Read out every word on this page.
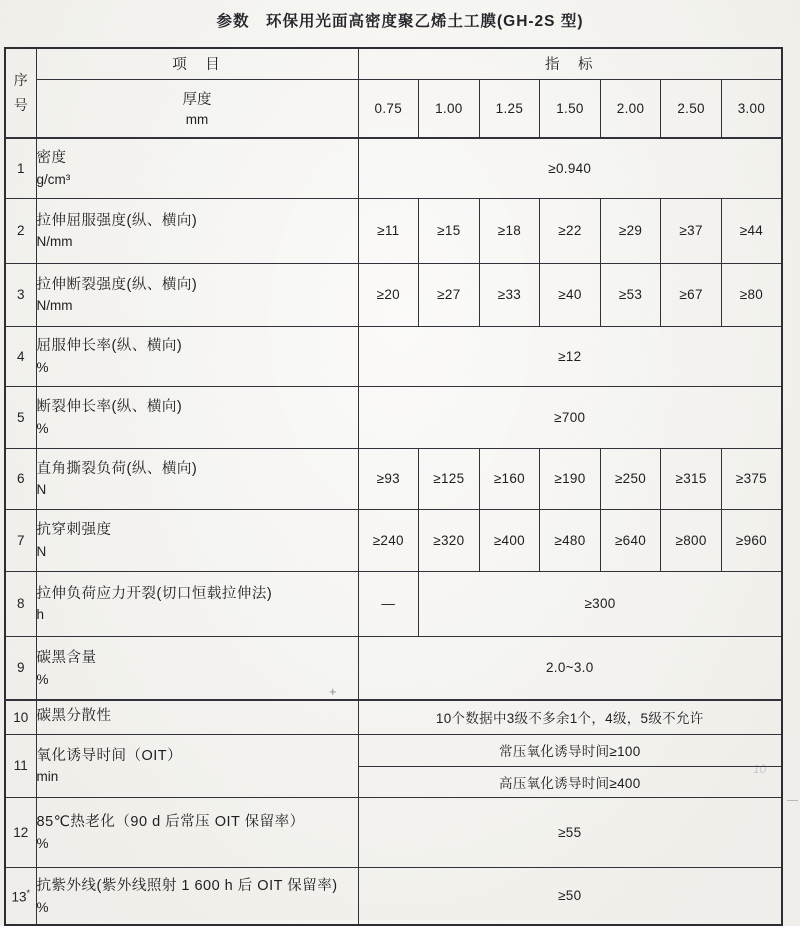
参数　环保用光面高密度聚乙烯土工膜(GH-2S 型)
序号	项　目	指　标						

	厚度
mm	0.75	1.00	1.25	1.50	2.00	2.50	3.00
1	密度
g/cm³	≥0.940						
2	拉伸屈服强度(纵、横向)
N/mm	≥11	≥15	≥18	≥22	≥29	≥37	≥44
3	拉伸断裂强度(纵、横向)
N/mm	≥20	≥27	≥33	≥40	≥53	≥67	≥80
4	屈服伸长率(纵、横向)
%	≥12						
5	断裂伸长率(纵、横向)
%	≥700						
6	直角撕裂负荷(纵、横向)
N	≥93	≥125	≥160	≥190	≥250	≥315	≥375
7	抗穿刺强度
N	≥240	≥320	≥400	≥480	≥640	≥800	≥960
8	拉伸负荷应力开裂(切口恒载拉伸法)
h	—	≥300					
9	碳黑含量
%	2.0~3.0						
10	碳黑分散性	10个数据中3级不多余1个，4级，5级不允许						
11	氧化诱导时间（OIT）
min	常压氧化诱导时间≥100						
		高压氧化诱导时间≥400						
12	85℃热老化（90 d 后常压 OIT 保留率）
%	≥55						
13*	抗紫外线(紫外线照射 1 600 h 后 OIT 保留率)
%	≥50						
+
10
